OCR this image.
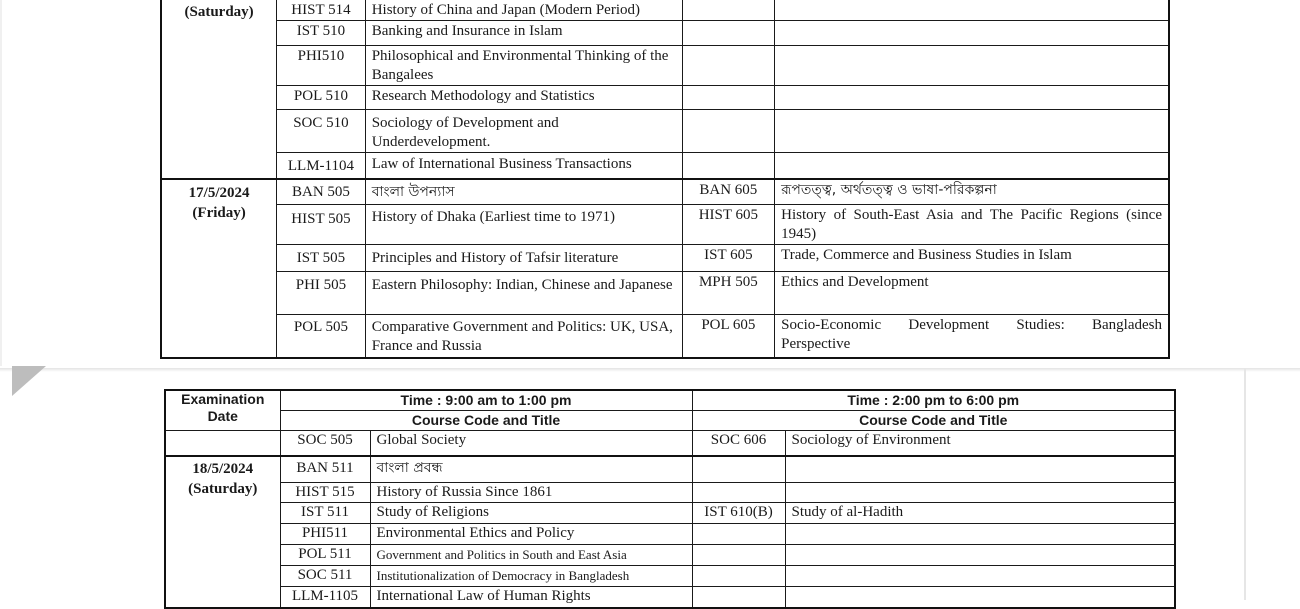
(Saturday)	HIST 514	History of China and Japan (Modern Period)		
	IST 510	Banking and Insurance in Islam		
	PHI510	Philosophical and Environmental Thinking of the Bangalees		
	POL 510	Research Methodology and Statistics		
	SOC 510	Sociology of Development and Underdevelopment.		
	LLM-1104	Law of International Business Transactions		

17/5/2024
(Friday)	BAN 505	বাংলা উপন্যাস	BAN 605	রূপতত্ত্ব, অর্থতত্ত্ব ও ভাষা-পরিকল্পনা
	HIST 505	History of Dhaka (Earliest time to 1971)	HIST 605	History of South-East Asia and The Pacific Regions (since 1945)
	IST 505	Principles and History of Tafsir literature	IST 605	Trade, Commerce and Business Studies in Islam
	PHI 505	Eastern Philosophy: Indian, Chinese and Japanese	MPH 505	Ethics and Development
	POL 505	Comparative Government and Politics: UK, USA, France and Russia	POL 605	Socio-Economic Development Studies: Bangladesh Perspective
Examination Date	Time : 9:00 am to 1:00 pm		Time : 2:00 pm to 6:00 pm	
	Course Code and Title		Course Code and Title	
	SOC 505	Global Society	SOC 606	Sociology of Environment

18/5/2024
(Saturday)	BAN 511	বাংলা প্রবন্ধ		
	HIST 515	History of Russia Since 1861		
	IST 511	Study of Religions	IST 610(B)	Study of al-Hadith
	PHI511	Environmental Ethics and Policy		
	POL 511	Government and Politics in South and East Asia		
	SOC 511	Institutionalization of Democracy in Bangladesh		
	LLM-1105	International Law of Human Rights		
